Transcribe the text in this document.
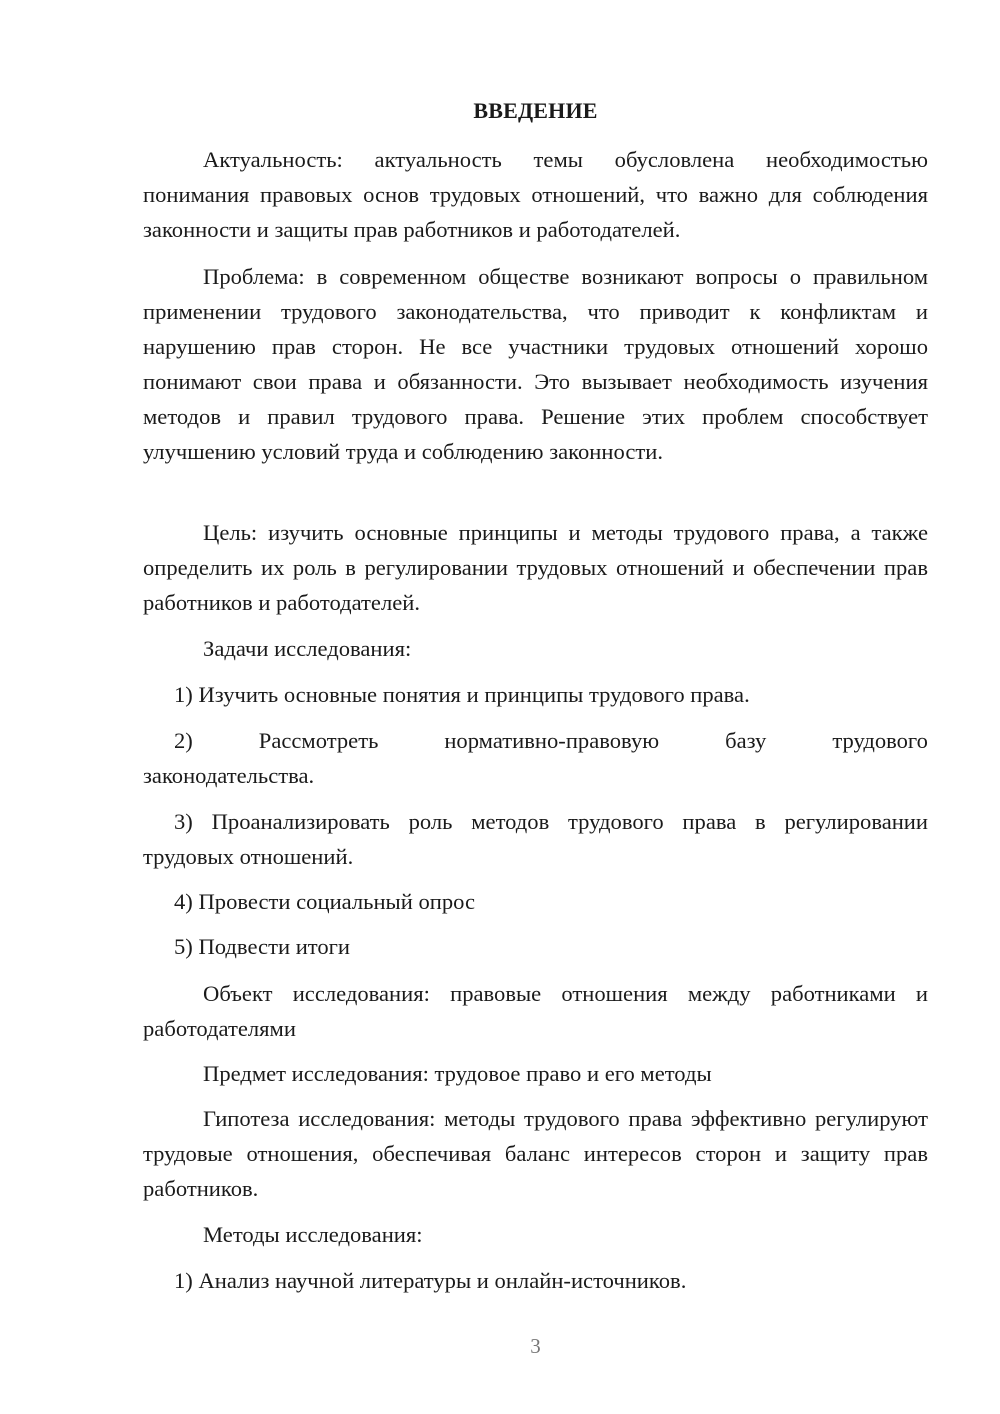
ВВЕДЕНИЕ
Актуальность: актуальность темы обусловлена необходимостью понимания правовых основ трудовых отношений, что важно для соблюдения законности и защиты прав работников и работодателей.
Проблема: в современном обществе возникают вопросы о правильном применении трудового законодательства, что приводит к конфликтам и нарушению прав сторон. Не все участники трудовых отношений хорошо понимают свои права и обязанности. Это вызывает необходимость изучения методов и правил трудового права. Решение этих проблем способствует улучшению условий труда и соблюдению законности.
Цель: изучить основные принципы и методы трудового права, а также определить их роль в регулировании трудовых отношений и обеспечении прав работников и работодателей.
Задачи исследования:
1) Изучить основные понятия и принципы трудового права.
2)	Рассмотреть	нормативно-правовую	базу	трудового
законодательства.
3) Проанализировать роль методов трудового права в регулировании трудовых отношений.
4) Провести социальный опрос
5) Подвести итоги
Объект исследования: правовые отношения между работниками и работодателями
Предмет исследования: трудовое право и его методы
Гипотеза исследования: методы трудового права эффективно регулируют трудовые отношения, обеспечивая баланс интересов сторон и защиту прав работников.
Методы исследования:
1) Анализ научной литературы и онлайн-источников.
3
